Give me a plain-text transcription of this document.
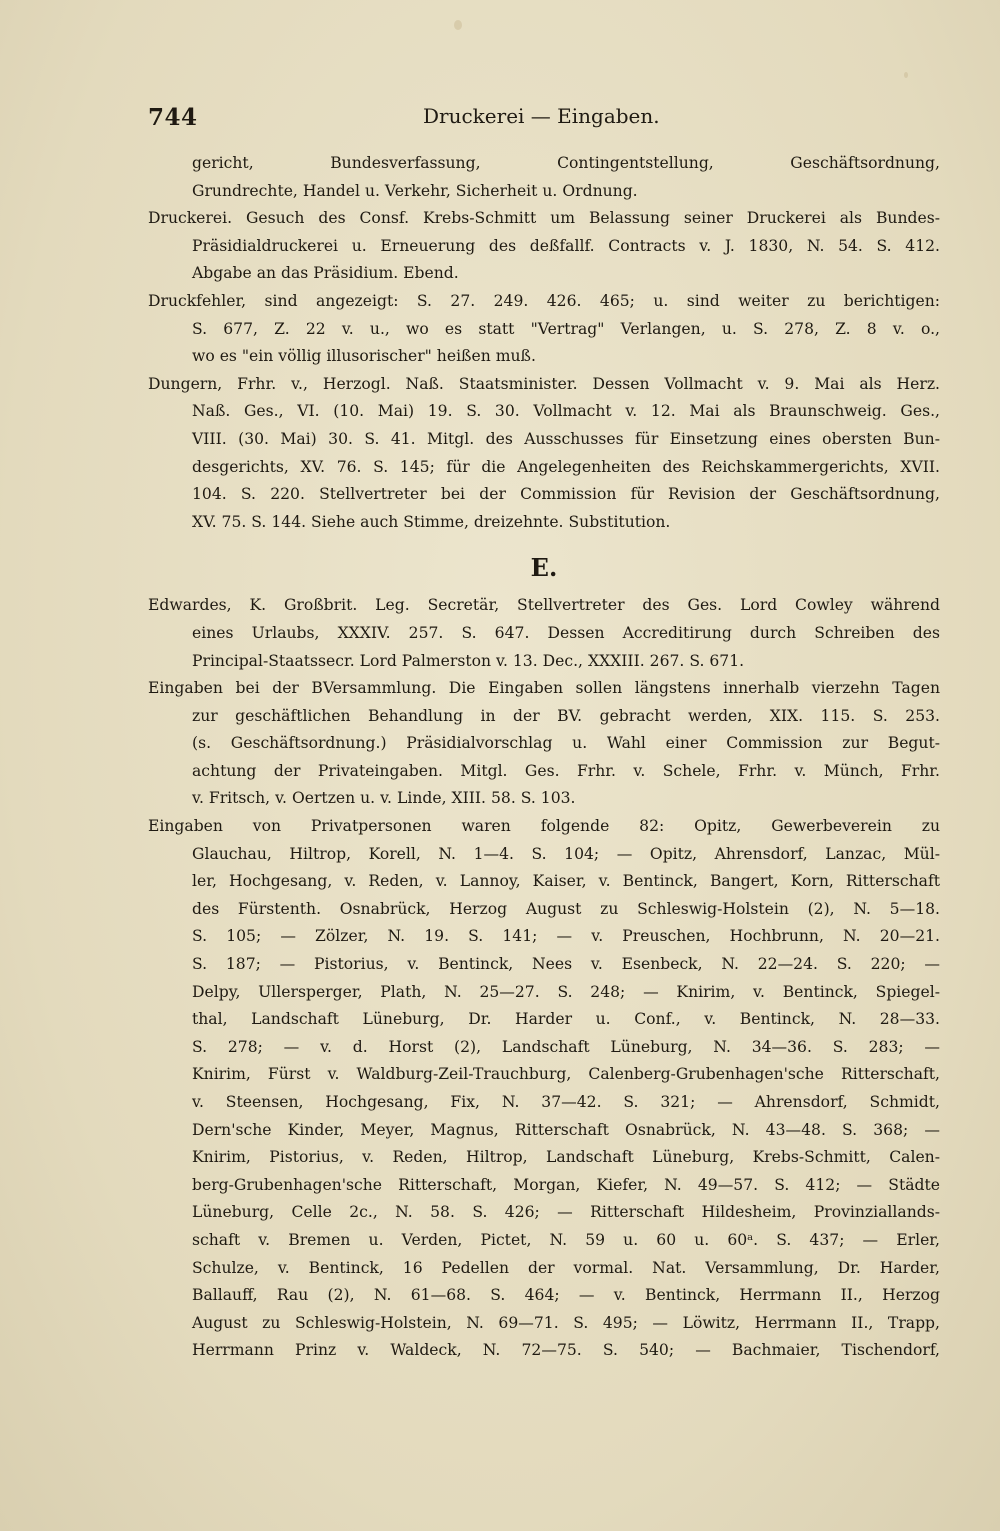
744	Druckerei — Eingaben.
gericht, Bundesverfassung, Contingentstellung, Geschäftsordnung,
Grundrechte, Handel u. Verkehr, Sicherheit u. Ordnung.
Druckerei. Gesuch des Consf. Krebs-Schmitt um Belassung seiner Druckerei als Bundes-
Präsidialdruckerei u. Erneuerung des deßfallf. Contracts v. J. 1830, N. 54. S. 412.
Abgabe an das Präsidium. Ebend.
Druckfehler, sind angezeigt: S. 27. 249. 426. 465; u. sind weiter zu berichtigen:
S. 677, Z. 22 v. u., wo es statt "Vertrag" Verlangen, u. S. 278, Z. 8 v. o.,
wo es "ein völlig illusorischer" heißen muß.
Dungern, Frhr. v., Herzogl. Naß. Staatsminister. Dessen Vollmacht v. 9. Mai als Herz.
Naß. Ges., VI. (10. Mai) 19. S. 30. Vollmacht v. 12. Mai als Braunschweig. Ges.,
VIII. (30. Mai) 30. S. 41. Mitgl. des Ausschusses für Einsetzung eines obersten Bun-
desgerichts, XV. 76. S. 145; für die Angelegenheiten des Reichskammergerichts, XVII.
104. S. 220. Stellvertreter bei der Commission für Revision der Geschäftsordnung,
XV. 75. S. 144. Siehe auch Stimme, dreizehnte. Substitution.
E.
Edwardes, K. Großbrit. Leg. Secretär, Stellvertreter des Ges. Lord Cowley während
eines Urlaubs, XXXIV. 257. S. 647. Dessen Accreditirung durch Schreiben des
Principal-Staatssecr. Lord Palmerston v. 13. Dec., XXXIII. 267. S. 671.
Eingaben bei der BVersammlung. Die Eingaben sollen längstens innerhalb vierzehn Tagen
zur geschäftlichen Behandlung in der BV. gebracht werden, XIX. 115. S. 253.
(s. Geschäftsordnung.) Präsidialvorschlag u. Wahl einer Commission zur Begut-
achtung der Privateingaben. Mitgl. Ges. Frhr. v. Schele, Frhr. v. Münch, Frhr.
v. Fritsch, v. Oertzen u. v. Linde, XIII. 58. S. 103.
Eingaben von Privatpersonen waren folgende 82: Opitz, Gewerbeverein zu
Glauchau, Hiltrop, Korell, N. 1—4. S. 104; — Opitz, Ahrensdorf, Lanzac, Mül-
ler, Hochgesang, v. Reden, v. Lannoy, Kaiser, v. Bentinck, Bangert, Korn, Ritterschaft
des Fürstenth. Osnabrück, Herzog August zu Schleswig-Holstein (2), N. 5—18.
S. 105; — Zölzer, N. 19. S. 141; — v. Preuschen, Hochbrunn, N. 20—21.
S. 187; — Pistorius, v. Bentinck, Nees v. Esenbeck, N. 22—24. S. 220; —
Delpy, Ullersperger, Plath, N. 25—27. S. 248; — Knirim, v. Bentinck, Spiegel-
thal, Landschaft Lüneburg, Dr. Harder u. Conf., v. Bentinck, N. 28—33.
S. 278; — v. d. Horst (2), Landschaft Lüneburg, N. 34—36. S. 283; —
Knirim, Fürst v. Waldburg-Zeil-Trauchburg, Calenberg-Grubenhagen'sche Ritterschaft,
v. Steensen, Hochgesang, Fix, N. 37—42. S. 321; — Ahrensdorf, Schmidt,
Dern'sche Kinder, Meyer, Magnus, Ritterschaft Osnabrück, N. 43—48. S. 368; —
Knirim, Pistorius, v. Reden, Hiltrop, Landschaft Lüneburg, Krebs-Schmitt, Calen-
berg-Grubenhagen'sche Ritterschaft, Morgan, Kiefer, N. 49—57. S. 412; — Städte
Lüneburg, Celle 2c., N. 58. S. 426; — Ritterschaft Hildesheim, Provinziallands-
schaft v. Bremen u. Verden, Pictet, N. 59 u. 60 u. 60ᵃ. S. 437; — Erler,
Schulze, v. Bentinck, 16 Pedellen der vormal. Nat. Versammlung, Dr. Harder,
Ballauff, Rau (2), N. 61—68. S. 464; — v. Bentinck, Herrmann II., Herzog
August zu Schleswig-Holstein, N. 69—71. S. 495; — Löwitz, Herrmann II., Trapp,
Herrmann Prinz v. Waldeck, N. 72—75. S. 540; — Bachmaier, Tischendorf,
